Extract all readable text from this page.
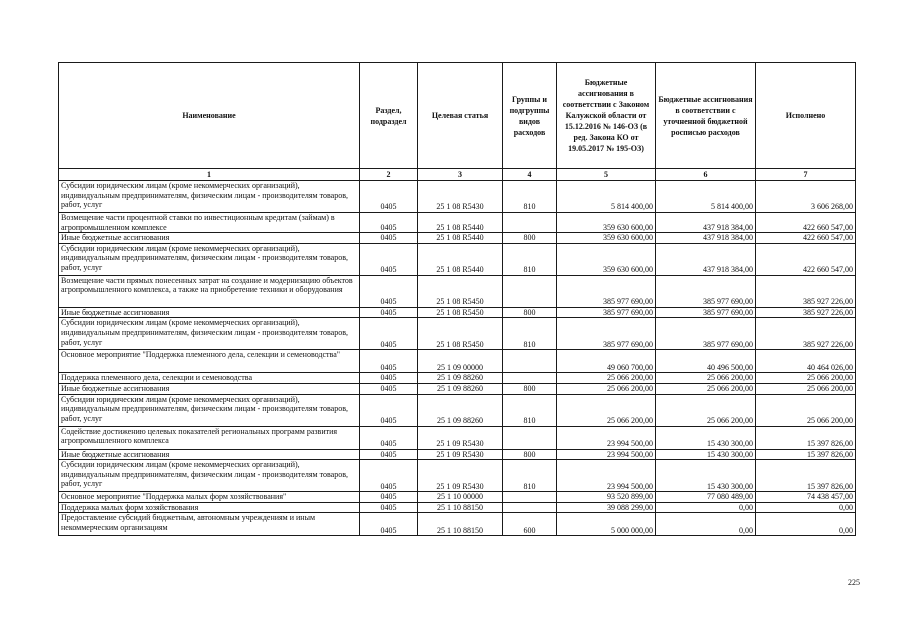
Наименование	Раздел, подраздел	Целевая статья	Группы и подгруппы видов расходов	Бюджетные ассигнования в соответствии с Законом Калужской области от 15.12.2016 № 146-ОЗ (в ред. Закона КО от 19.05.2017 № 195-ОЗ)	Бюджетные ассигнования в соответствии с уточненной бюджетной росписью расходов	Исполнено
1	2	3	4	5	6	7
Субсидии юридическим лицам (кроме некоммерческих организаций), индивидуальным предпринимателям, физическим лицам - производителям товаров, работ, услуг	0405	25 1 08 R5430	810	5 814 400,00	5 814 400,00	3 606 268,00
Возмещение части процентной ставки по инвестиционным кредитам (займам) в агропромышленном комплексе	0405	25 1 08 R5440		359 630 600,00	437 918 384,00	422 660 547,00
Иные бюджетные ассигнования	0405	25 1 08 R5440	800	359 630 600,00	437 918 384,00	422 660 547,00
Субсидии юридическим лицам (кроме некоммерческих организаций), индивидуальным предпринимателям, физическим лицам - производителям товаров, работ, услуг	0405	25 1 08 R5440	810	359 630 600,00	437 918 384,00	422 660 547,00
Возмещение части прямых понесенных затрат на создание и модернизацию объектов агропромышленного комплекса, а также на приобретение техники и оборудования	0405	25 1 08 R5450		385 977 690,00	385 977 690,00	385 927 226,00
Иные бюджетные ассигнования	0405	25 1 08 R5450	800	385 977 690,00	385 977 690,00	385 927 226,00
Субсидии юридическим лицам (кроме некоммерческих организаций), индивидуальным предпринимателям, физическим лицам - производителям товаров, работ, услуг	0405	25 1 08 R5450	810	385 977 690,00	385 977 690,00	385 927 226,00
Основное мероприятие "Поддержка племенного дела, селекции и семеноводства"	0405	25 1 09 00000		49 060 700,00	40 496 500,00	40 464 026,00
Поддержка племенного дела, селекции и семеноводства	0405	25 1 09 88260		25 066 200,00	25 066 200,00	25 066 200,00
Иные бюджетные ассигнования	0405	25 1 09 88260	800	25 066 200,00	25 066 200,00	25 066 200,00
Субсидии юридическим лицам (кроме некоммерческих организаций), индивидуальным предпринимателям, физическим лицам - производителям товаров, работ, услуг	0405	25 1 09 88260	810	25 066 200,00	25 066 200,00	25 066 200,00
Содействие достижению целевых показателей региональных программ развития агропромышленного комплекса	0405	25 1 09 R5430		23 994 500,00	15 430 300,00	15 397 826,00
Иные бюджетные ассигнования	0405	25 1 09 R5430	800	23 994 500,00	15 430 300,00	15 397 826,00
Субсидии юридическим лицам (кроме некоммерческих организаций), индивидуальным предпринимателям, физическим лицам - производителям товаров, работ, услуг	0405	25 1 09 R5430	810	23 994 500,00	15 430 300,00	15 397 826,00
Основное мероприятие "Поддержка малых форм хозяйствования"	0405	25 1 10 00000		93 520 899,00	77 080 489,00	74 438 457,00
Поддержка малых форм хозяйствования	0405	25 1 10 88150		39 088 299,00	0,00	0,00
Предоставление субсидий бюджетным, автономным учреждениям и иным некоммерческим организациям	0405	25 1 10 88150	600	5 000 000,00	0,00	0,00
225
